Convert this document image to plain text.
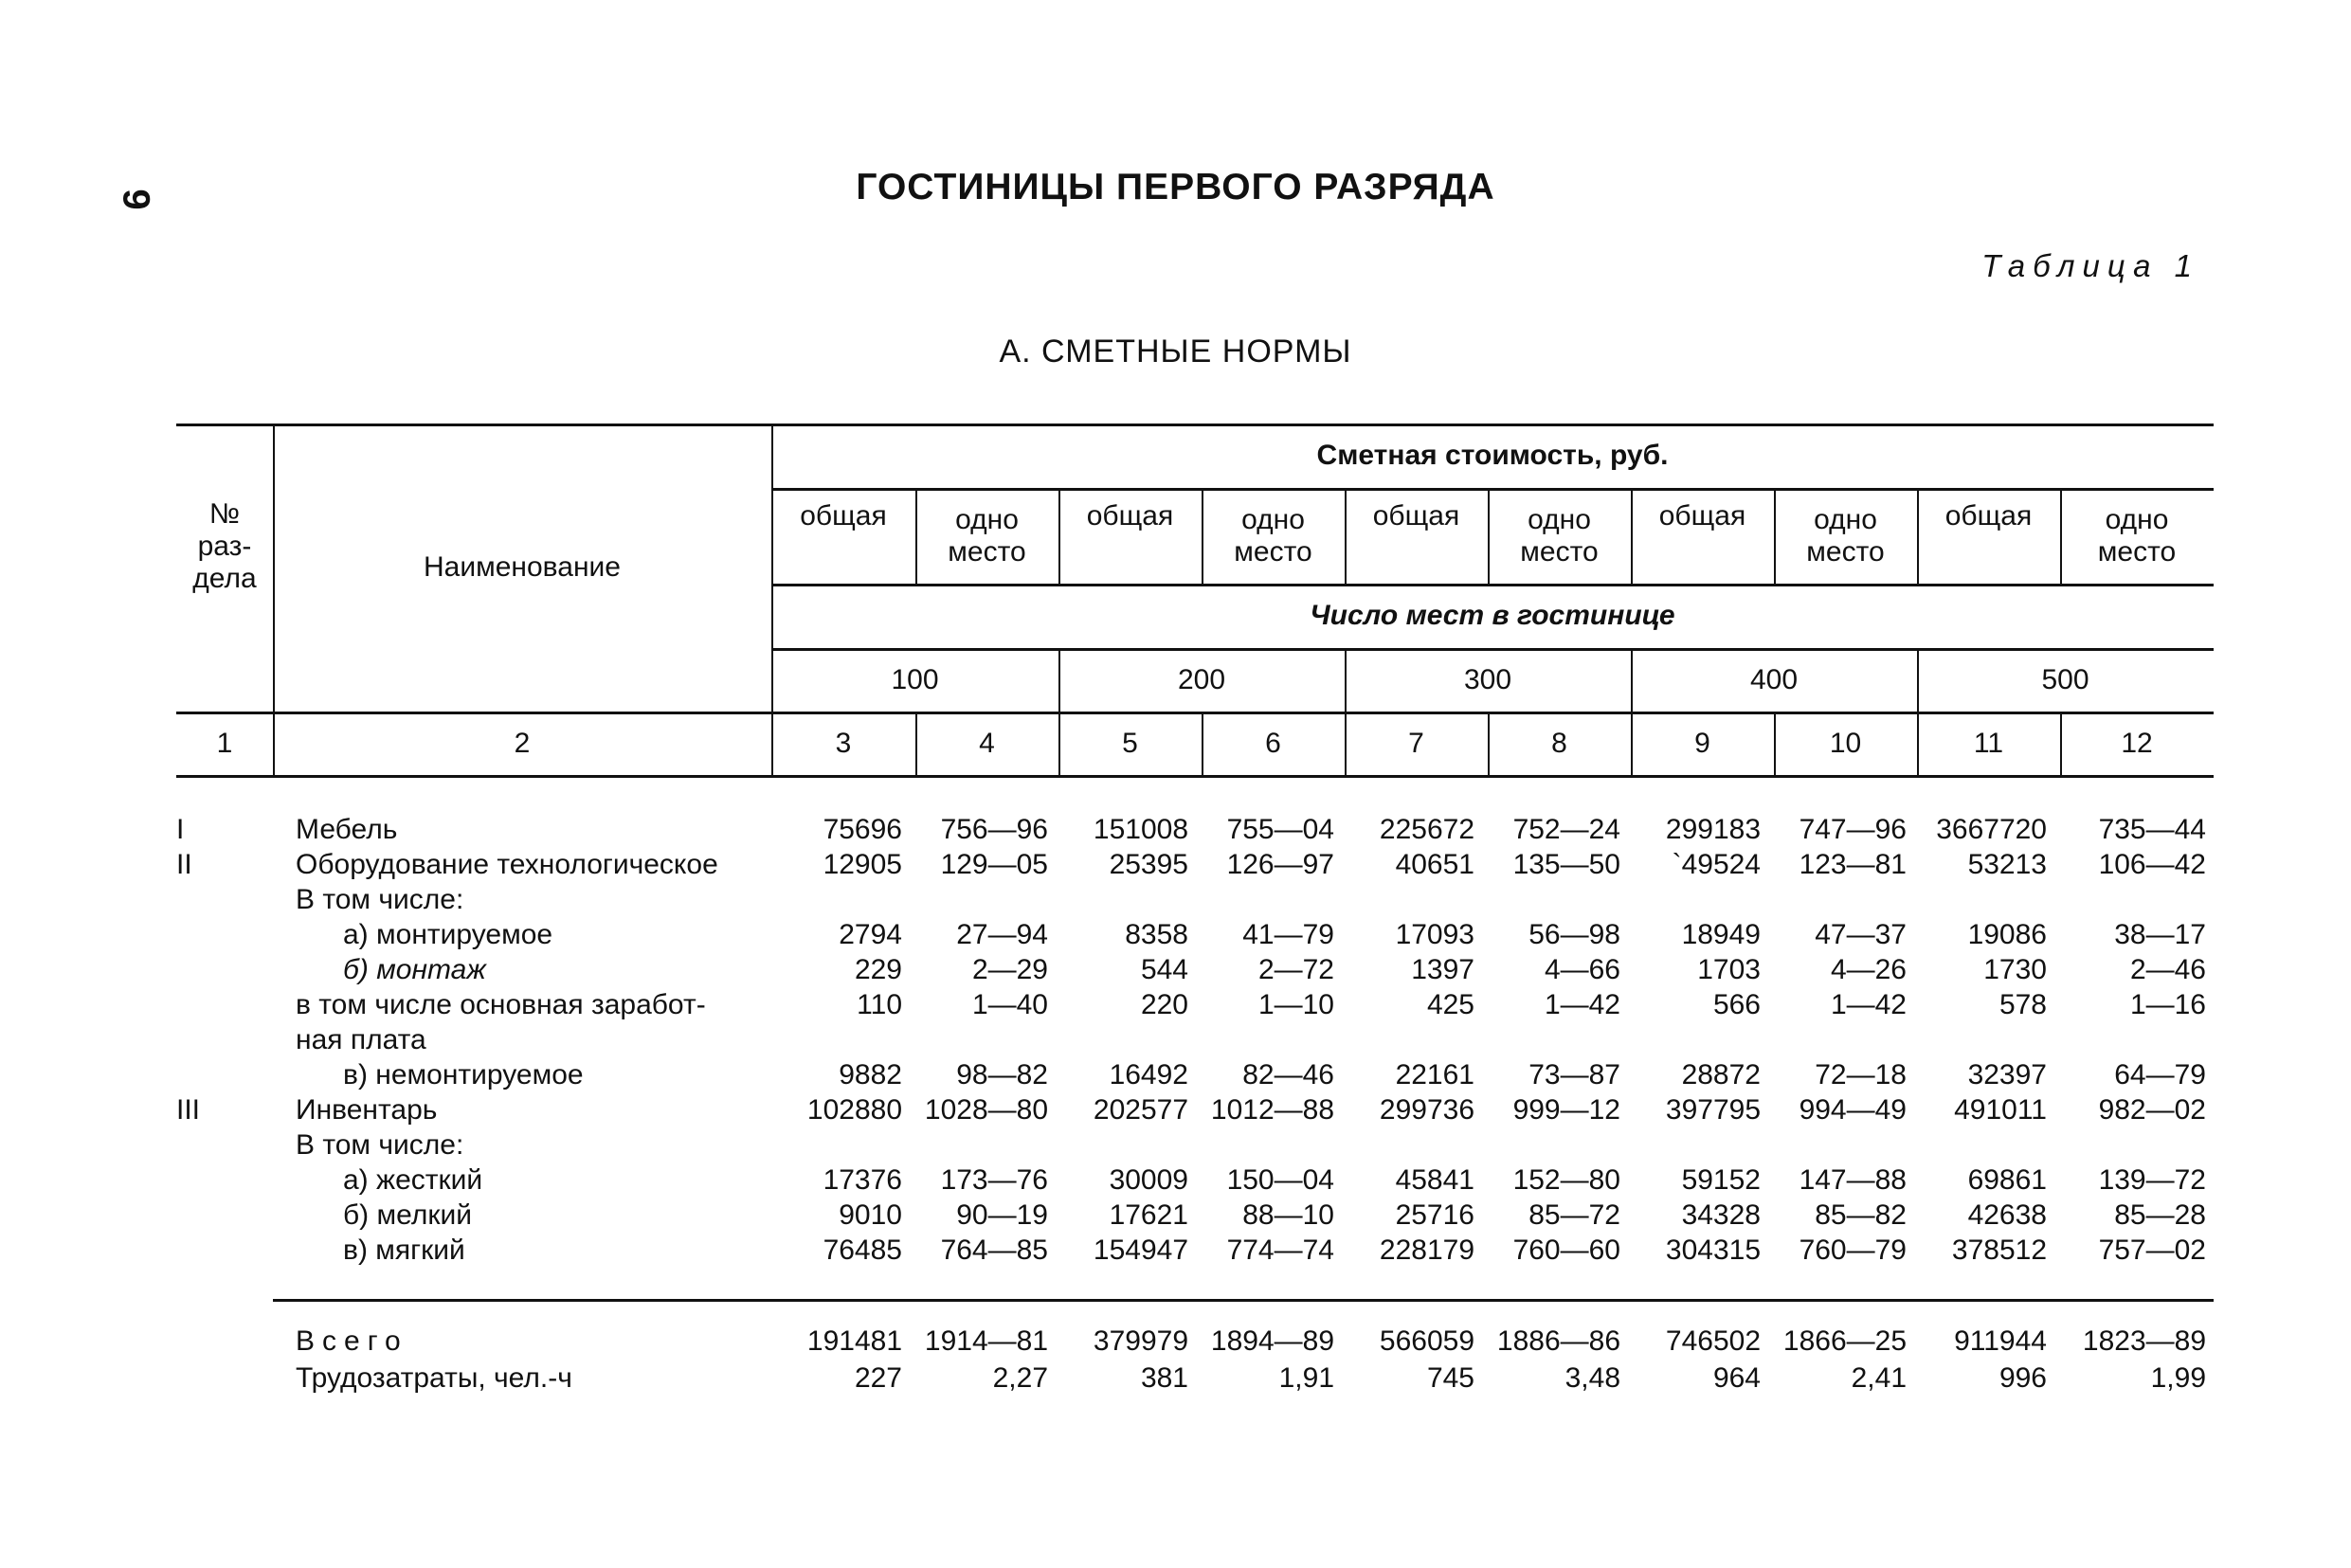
9	ГОСТИНИЦЫ ПЕРВОГО РАЗРЯДА
Таблица 1
А. СМЕТНЫЕ НОРМЫ
№
раз-
дела	Наименование
Сметная стоимость, руб.
общая	одно
место
общая	одно
место
общая	одно
место
общая	одно
место
общая	одно
место
Число мест в гостинице
100	200	300	400	500
1	2	3	4	5	6	7	8	9	10	11	12
I	Мебель	75696 756—96 151008 755—04 225672 752—24 299183 747—96 3667720 735—44
II	Оборудование технологическое	12905 129—05 25395 126—97 40651 135—50 `49524 123—81 53213 106—42
В том числе:
а) монтируемое	2794 27—94	8358 41—79 17093 56—98 18949 47—37 19086 38—17
б) монтаж	229 2—29	544 2—72	1397 4—66	1703 4—26	1730	2—46
в том числе основная заработ-	110 1—40	220 1—10	425 1—42	566 1—42	578	1—16
ная плата
в) немонтируемое	9882 98—82 16492 82—46 22161 73—87 28872 72—18 32397 64—79
III	Инвентарь	102880 1028—80 202577 1012—88 299736 999—12 397795 994—49 491011 982—02
В том числе:
а) жесткий	17376 173—76 30009 150—04 45841 152—80 59152 147—88 69861 139—72
б) мелкий	9010 90—19 17621 88—10 25716 85—72 34328 85—82 42638 85—28
в) мягкий	76485 764—85 154947 774—74 228179 760—60 304315 760—79 378512 757—02
Всего	191481 1914—81 379979 1894—89 566059 1886—86 746502 1866—25 911944 1823—89
Трудозатраты, чел.-ч	227	2,27	381	1,91	745	3,48	964	2,41	996	1,99
